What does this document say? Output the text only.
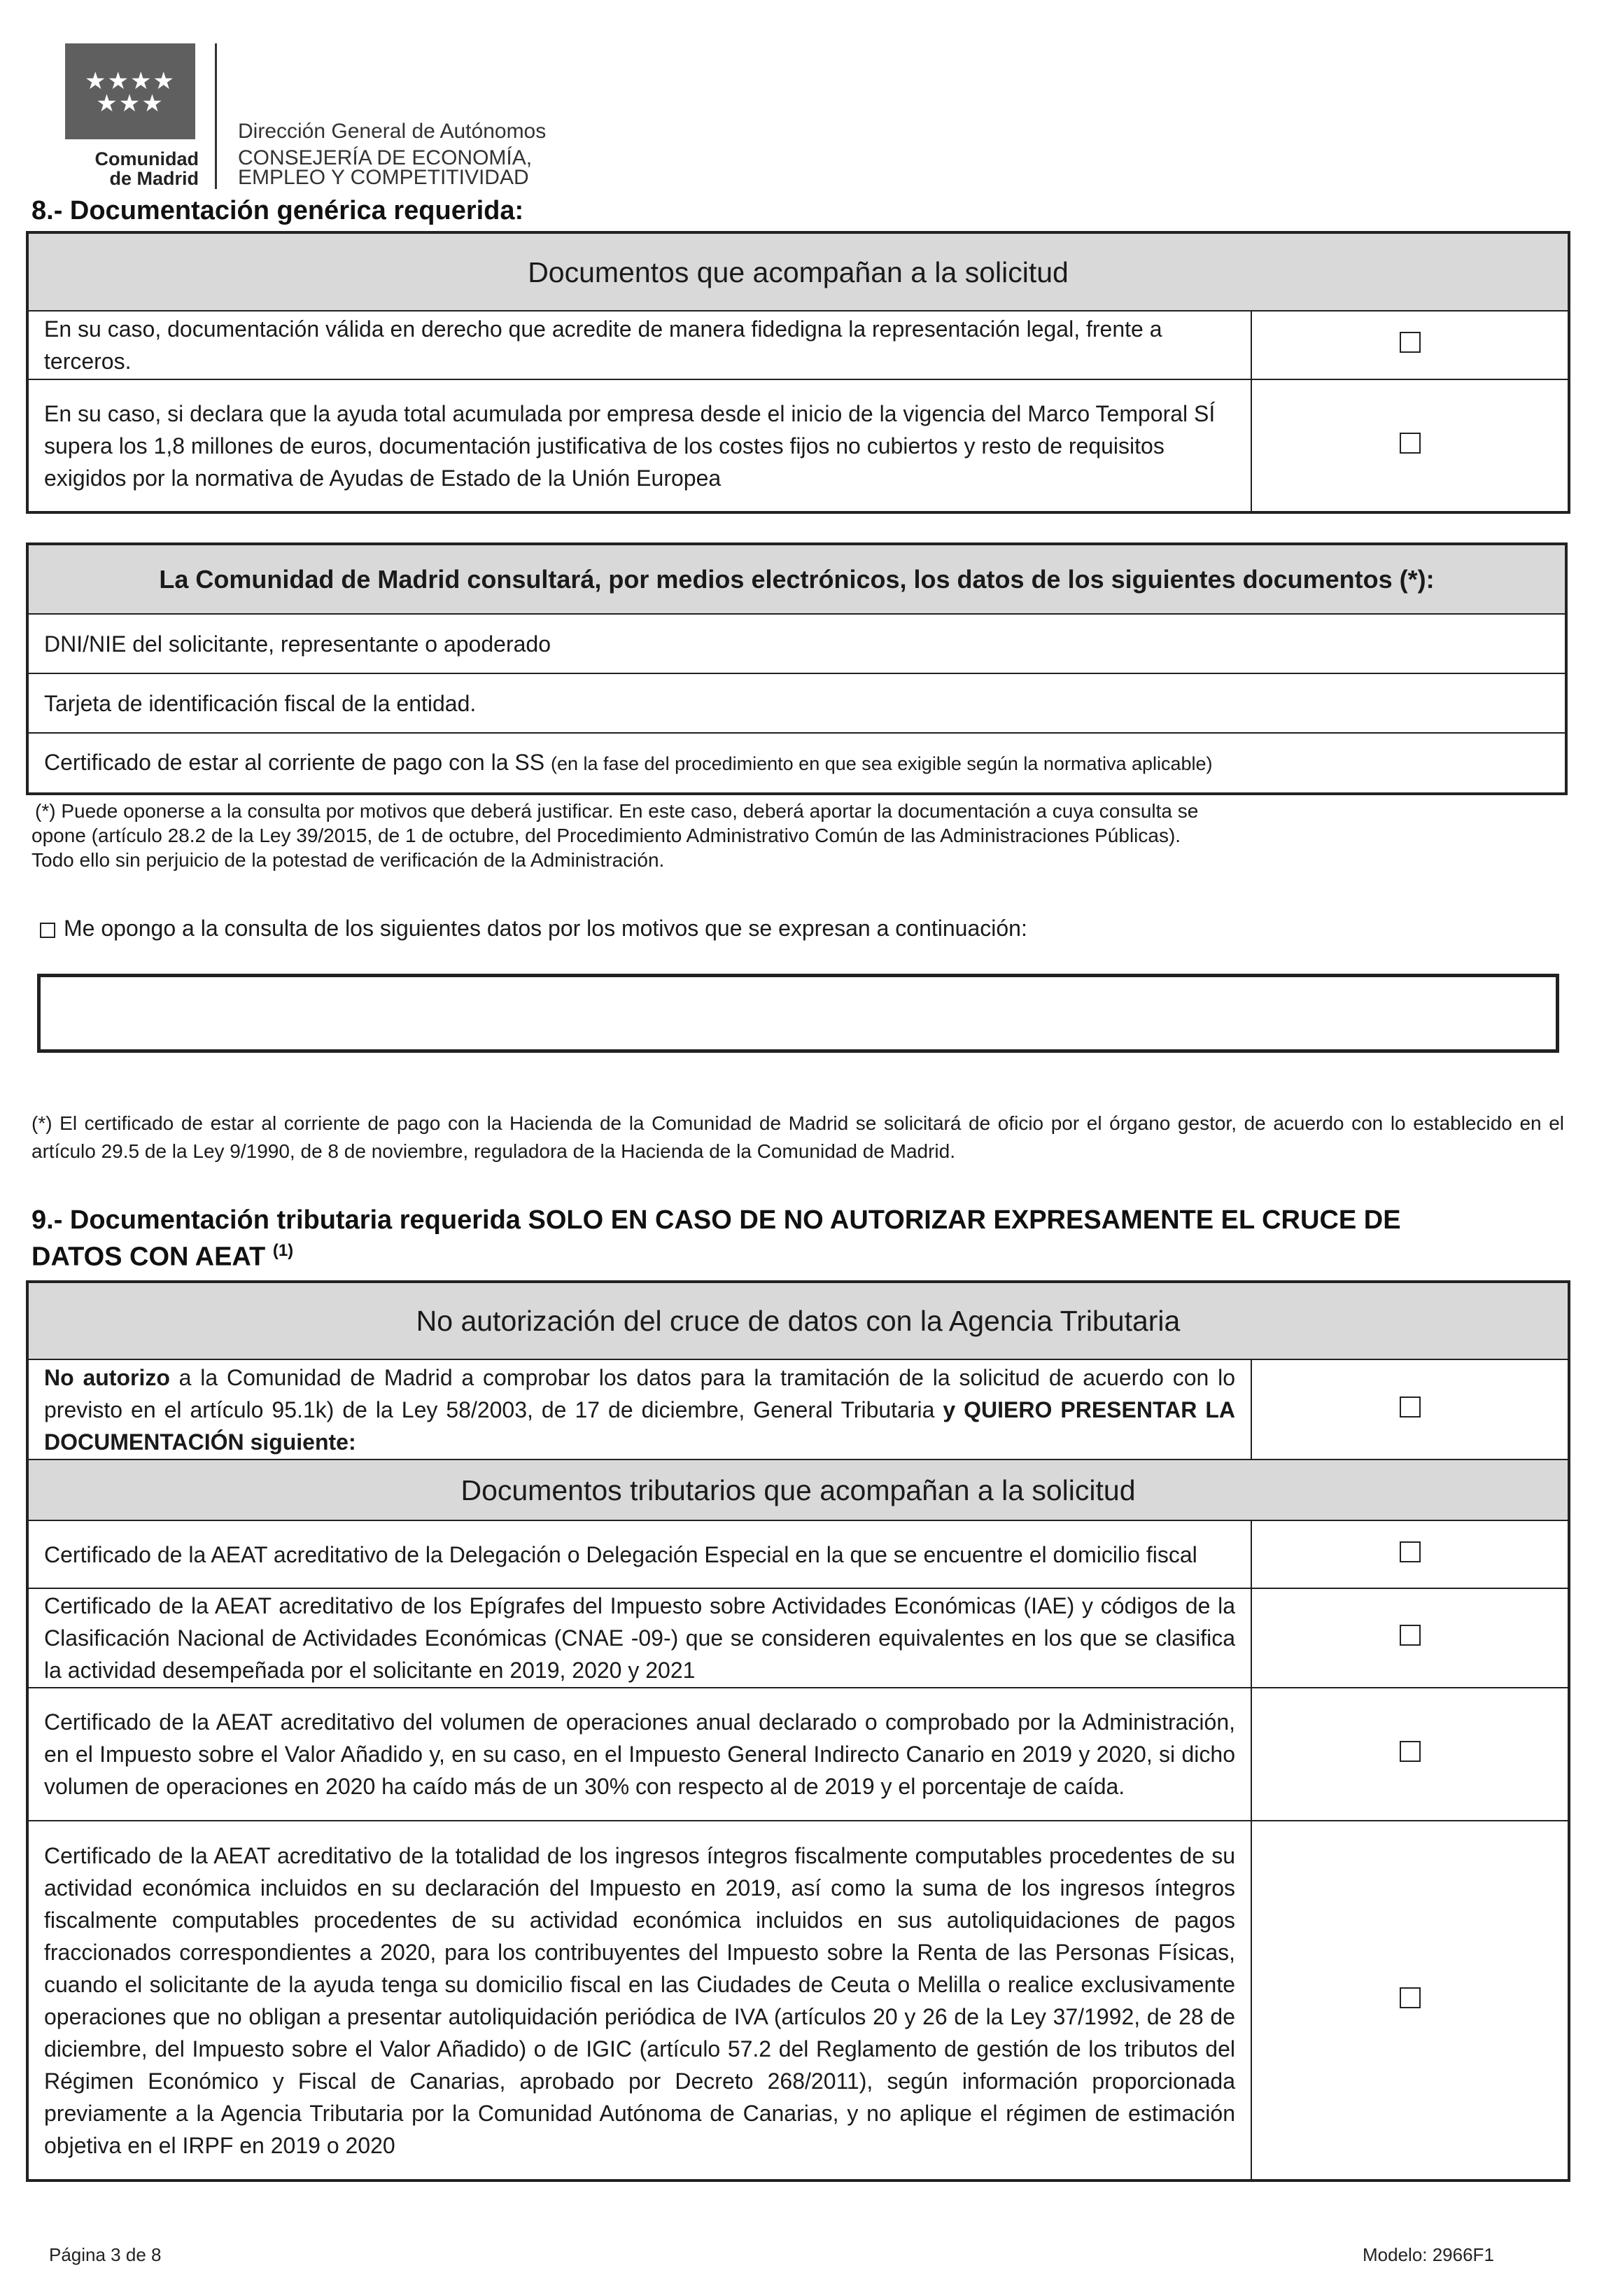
★★★★
★★★
Comunidad
de Madrid
Dirección General de Autónomos
CONSEJERÍA DE ECONOMÍA,
EMPLEO Y COMPETITIVIDAD
8.- Documentación genérica requerida:
Documentos que acompañan a la solicitud	
En su caso, documentación válida en derecho que acredite de manera fidedigna la representación legal, frente a terceros.	
En su caso, si declara que la ayuda total acumulada por empresa desde el inicio de la vigencia del Marco Temporal SÍ supera los 1,8 millones de euros, documentación justificativa de los costes fijos no cubiertos y resto de requisitos exigidos por la normativa de Ayudas de Estado de la Unión Europea	
La Comunidad de Madrid consultará, por medios electrónicos, los datos de los siguientes documentos (*):
DNI/NIE del solicitante, representante o apoderado
Tarjeta de identificación fiscal de la entidad.
Certificado de estar al corriente de pago con la SS (en la fase del procedimiento en que sea exigible según la normativa aplicable)
(*) Puede oponerse a la consulta por motivos que deberá justificar. En este caso, deberá aportar la documentación a cuya consulta se
opone (artículo 28.2 de la Ley 39/2015, de 1 de octubre, del Procedimiento Administrativo Común de las Administraciones Públicas).
Todo ello sin perjuicio de la potestad de verificación de la Administración.
Me opongo a la consulta de los siguientes datos por los motivos que se expresan a continuación:
(*) El certificado de estar al corriente de pago con la Hacienda de la Comunidad de Madrid se solicitará de oficio por el órgano gestor, de acuerdo con lo establecido en el artículo 29.5 de la Ley 9/1990, de 8 de noviembre, reguladora de la Hacienda de la Comunidad de Madrid.
9.- Documentación tributaria requerida SOLO EN CASO DE NO AUTORIZAR EXPRESAMENTE EL CRUCE DE
DATOS CON AEAT $^{(1)}$
No autorización del cruce de datos con la Agencia Tributaria	
No autorizo a la Comunidad de Madrid a comprobar los datos para la tramitación de la solicitud de acuerdo con lo previsto en el artículo 95.1k) de la Ley 58/2003, de 17 de diciembre, General Tributaria y QUIERO PRESENTAR LA DOCUMENTACIÓN siguiente:	
Documentos tributarios que acompañan a la solicitud	
Certificado de la AEAT acreditativo de la Delegación o Delegación Especial en la que se encuentre el domicilio fiscal	
Certificado de la AEAT acreditativo de los Epígrafes del Impuesto sobre Actividades Económicas (IAE) y códigos de la Clasificación Nacional de Actividades Económicas (CNAE -09-) que se consideren equivalentes en los que se clasifica la actividad desempeñada por el solicitante en 2019, 2020 y 2021	
Certificado de la AEAT acreditativo del volumen de operaciones anual declarado o comprobado por la Administración, en el Impuesto sobre el Valor Añadido y, en su caso, en el Impuesto General Indirecto Canario en 2019 y 2020, si dicho volumen de operaciones en 2020 ha caído más de un 30% con respecto al de 2019 y el porcentaje de caída.	
Certificado de la AEAT acreditativo de la totalidad de los ingresos íntegros fiscalmente computables procedentes de su actividad económica incluidos en su declaración del Impuesto en 2019, así como la suma de los ingresos íntegros fiscalmente computables procedentes de su actividad económica incluidos en sus autoliquidaciones de pagos fraccionados correspondientes a 2020, para los contribuyentes del Impuesto sobre la Renta de las Personas Físicas, cuando el solicitante de la ayuda tenga su domicilio fiscal en las Ciudades de Ceuta o Melilla o realice exclusivamente operaciones que no obligan a presentar autoliquidación periódica de IVA (artículos 20 y 26 de la Ley 37/1992, de 28 de diciembre, del Impuesto sobre el Valor Añadido) o de IGIC (artículo 57.2 del Reglamento de gestión de los tributos del Régimen Económico y Fiscal de Canarias, aprobado por Decreto 268/2011), según información proporcionada previamente a la Agencia Tributaria por la Comunidad Autónoma de Canarias, y no aplique el régimen de estimación objetiva en el IRPF en 2019 o 2020	
Página 3 de 8	Modelo: 2966F1
